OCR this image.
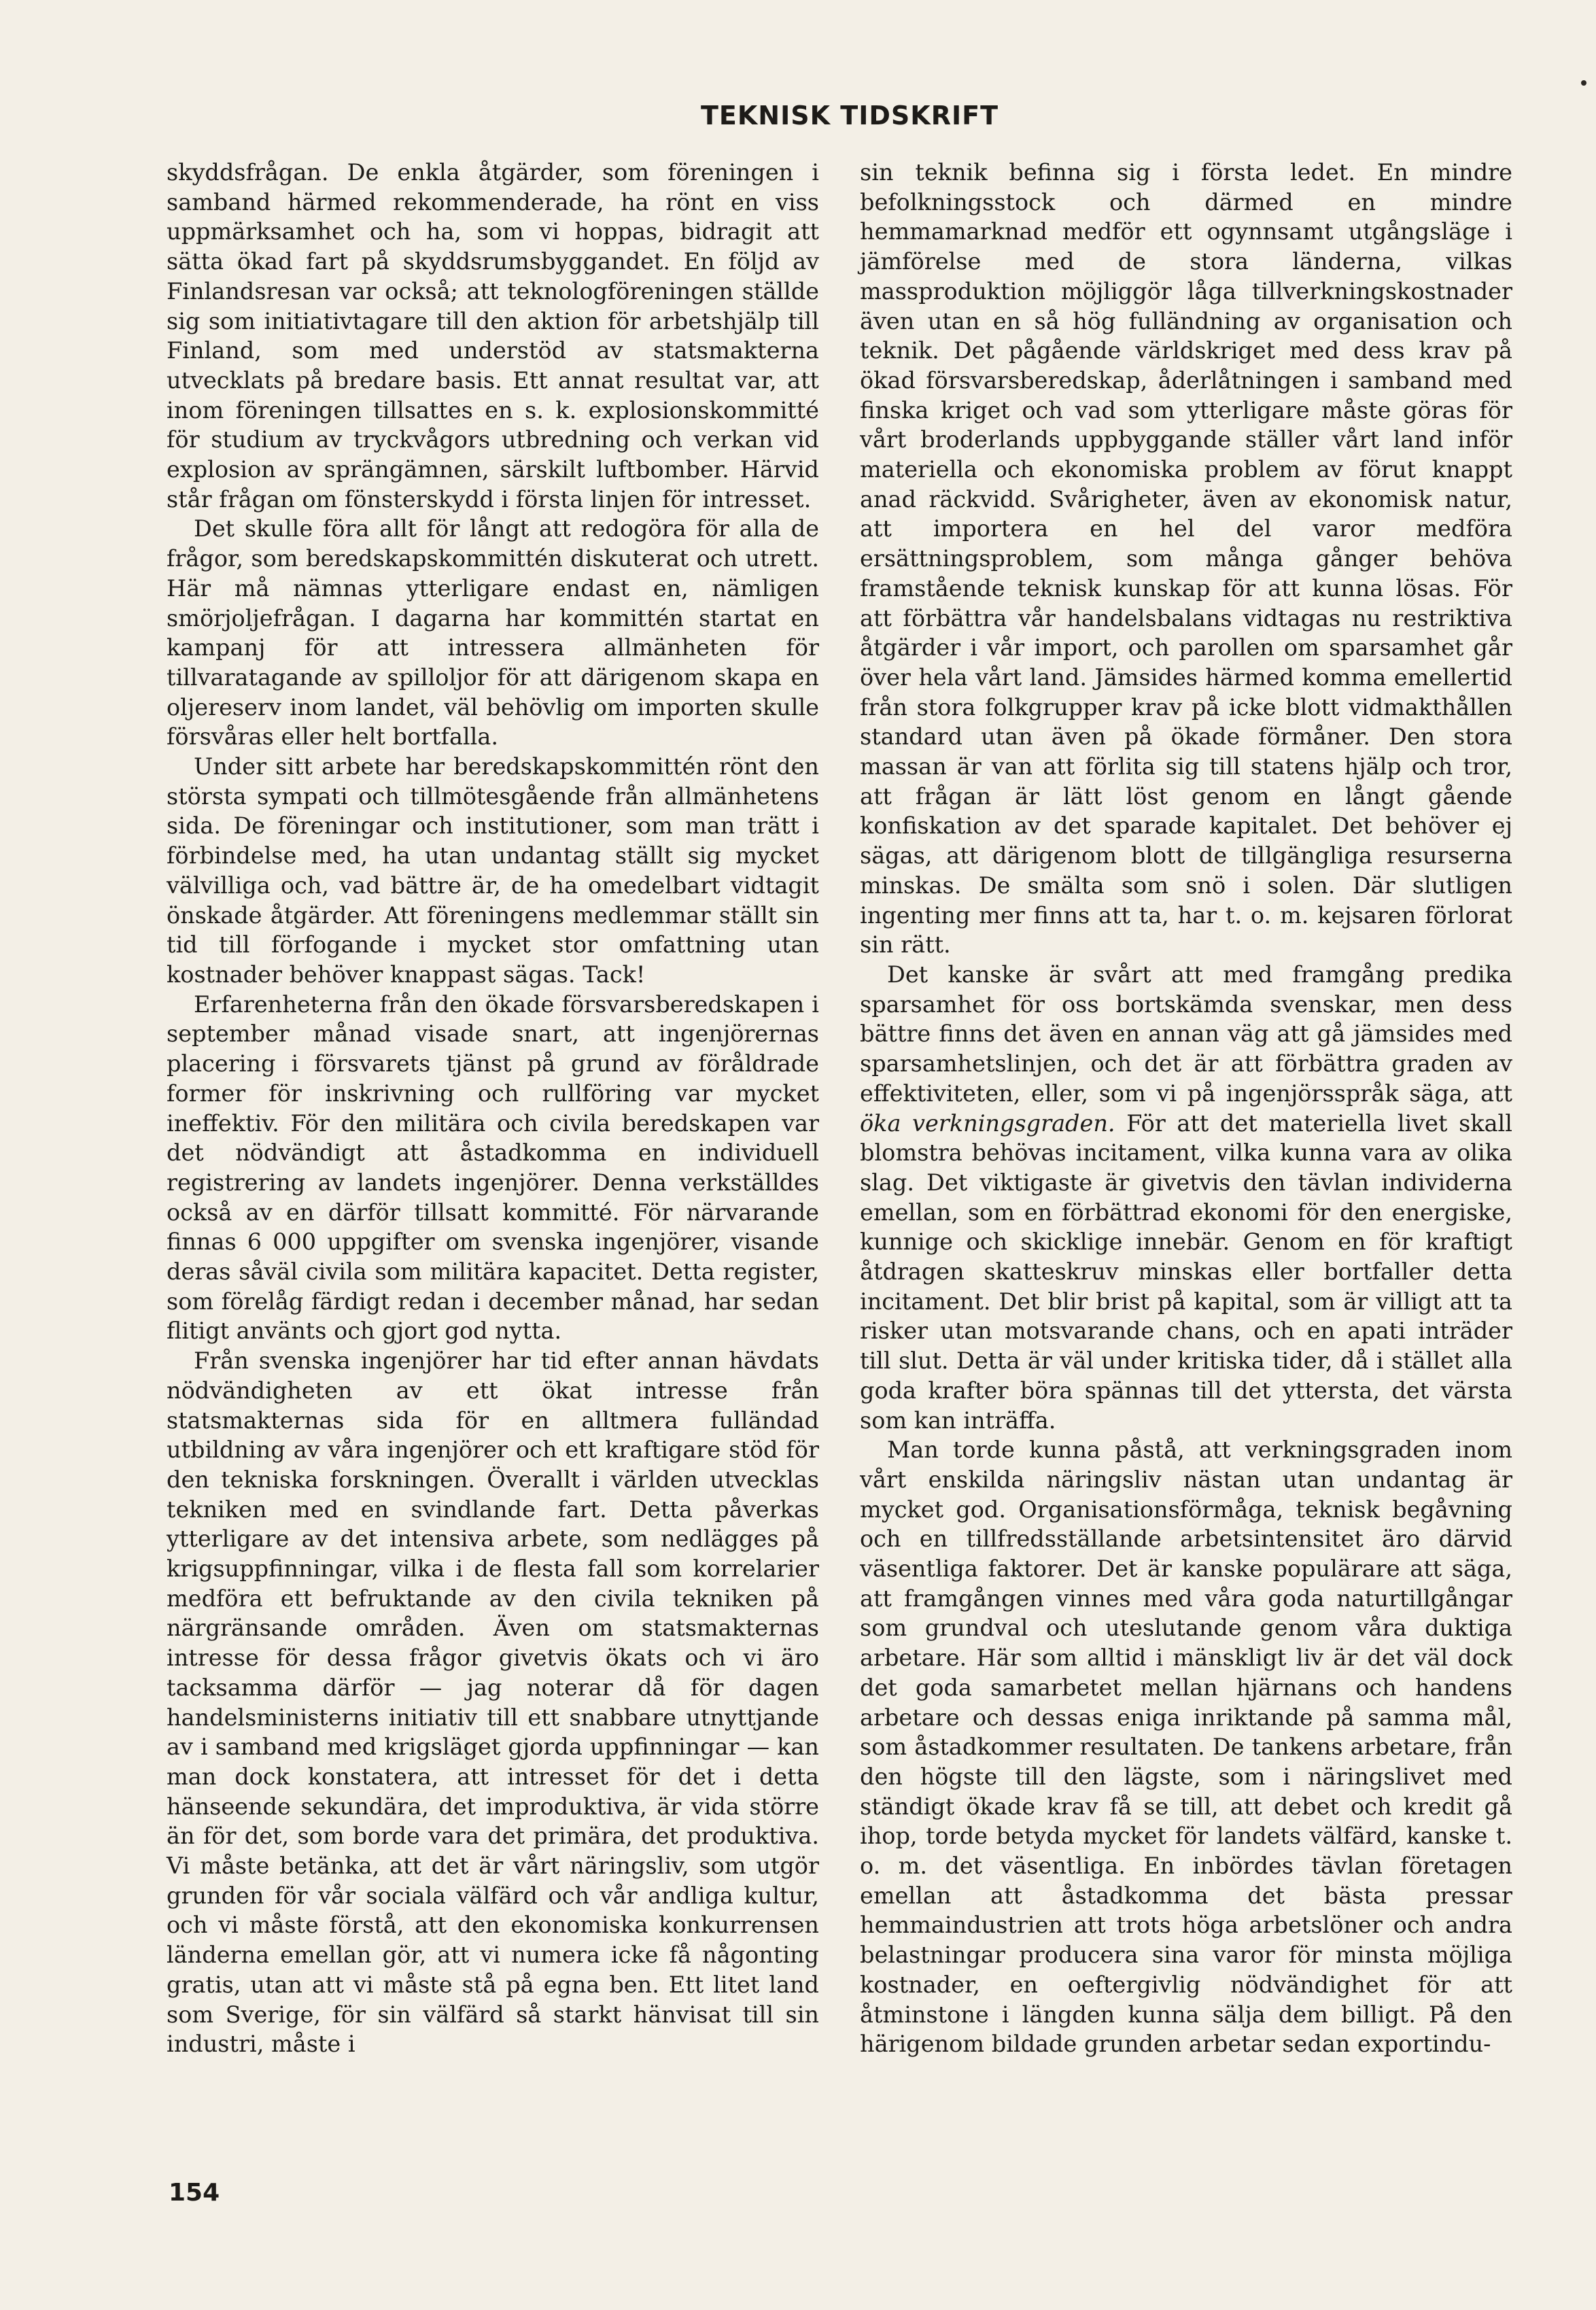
TEKNISK TIDSKRIFT

skyddsfrågan. De enkla åtgärder, som föreningen i samband härmed rekommenderade, ha rönt en viss uppmärksamhet och ha, som vi hoppas, bidragit att sätta ökad fart på skyddsrumsbyggandet. En följd av Finlandsresan var också; att teknologföreningen ställde sig som initiativtagare till den aktion för arbetshjälp till Finland, som med understöd av statsmakterna utvecklats på bredare basis. Ett annat resultat var, att inom föreningen tillsattes en s. k. explosionskommitté för studium av tryckvågors utbredning och verkan vid explosion av sprängämnen, särskilt luftbomber. Härvid står frågan om fönsterskydd i första linjen för intresset.

Det skulle föra allt för långt att redogöra för alla de frågor, som beredskapskommittén diskuterat och utrett. Här må nämnas ytterligare endast en, nämligen smörjoljefrågan. I dagarna har kommittén startat en kampanj för att intressera allmänheten för tillvaratagande av spilloljor för att därigenom skapa en oljereserv inom landet, väl behövlig om importen skulle försvåras eller helt bortfalla.

Under sitt arbete har beredskapskommittén rönt den största sympati och tillmötesgående från allmänhetens sida. De föreningar och institutioner, som man trätt i förbindelse med, ha utan undantag ställt sig mycket välvilliga och, vad bättre är, de ha omedelbart vidtagit önskade åtgärder. Att föreningens medlemmar ställt sin tid till förfogande i mycket stor omfattning utan kostnader behöver knappast sägas. Tack!

Erfarenheterna från den ökade försvarsberedskapen i september månad visade snart, att ingenjörernas placering i försvarets tjänst på grund av föråldrade former för inskrivning och rullföring var mycket ineffektiv. För den militära och civila beredskapen var det nödvändigt att åstadkomma en individuell registrering av landets ingenjörer. Denna verkställdes också av en därför tillsatt kommitté. För närvarande finnas 6 000 uppgifter om svenska ingenjörer, visande deras såväl civila som militära kapacitet. Detta register, som förelåg färdigt redan i december månad, har sedan flitigt använts och gjort god nytta.

Från svenska ingenjörer har tid efter annan hävdats nödvändigheten av ett ökat intresse från statsmakternas sida för en alltmera fulländad utbildning av våra ingenjörer och ett kraftigare stöd för den tekniska forskningen. Överallt i världen utvecklas tekniken med en svindlande fart. Detta påverkas ytterligare av det intensiva arbete, som nedlägges på krigsuppfinningar, vilka i de flesta fall som korrelarier medföra ett befruktande av den civila tekniken på närgränsande områden. Även om statsmakternas intresse för dessa frågor givetvis ökats och vi äro tacksamma därför — jag noterar då för dagen handelsministerns initiativ till ett snabbare utnyttjande av i samband med krigsläget gjorda uppfinningar — kan man dock konstatera, att intresset för det i detta hänseende sekundära, det improduktiva, är vida större än för det, som borde vara det primära, det produktiva. Vi måste betänka, att det är vårt näringsliv, som utgör grunden för vår sociala välfärd och vår andliga kultur, och vi måste förstå, att den ekonomiska konkurrensen länderna emellan gör, att vi numera icke få någonting gratis, utan att vi måste stå på egna ben. Ett litet land som Sverige, för sin välfärd så starkt hänvisat till sin industri, måste i

sin teknik befinna sig i första ledet. En mindre befolkningsstock och därmed en mindre hemmamarknad medför ett ogynnsamt utgångsläge i jämförelse med de stora länderna, vilkas massproduktion möjliggör låga tillverkningskostnader även utan en så hög fulländning av organisation och teknik. Det pågående världskriget med dess krav på ökad försvarsberedskap, åderlåtningen i samband med finska kriget och vad som ytterligare måste göras för vårt broderlands uppbyggande ställer vårt land inför materiella och ekonomiska problem av förut knappt anad räckvidd. Svårigheter, även av ekonomisk natur, att importera en hel del varor medföra ersättningsproblem, som många gånger behöva framstående teknisk kunskap för att kunna lösas. För att förbättra vår handelsbalans vidtagas nu restriktiva åtgärder i vår import, och parollen om sparsamhet går över hela vårt land. Jämsides härmed komma emellertid från stora folkgrupper krav på icke blott vidmakthållen standard utan även på ökade förmåner. Den stora massan är van att förlita sig till statens hjälp och tror, att frågan är lätt löst genom en långt gående konfiskation av det sparade kapitalet. Det behöver ej sägas, att därigenom blott de tillgängliga resurserna minskas. De smälta som snö i solen. Där slutligen ingenting mer finns att ta, har t. o. m. kejsaren förlorat sin rätt.

Det kanske är svårt att med framgång predika sparsamhet för oss bortskämda svenskar, men dess bättre finns det även en annan väg att gå jämsides med sparsamhetslinjen, och det är att förbättra graden av effektiviteten, eller, som vi på ingenjörsspråk säga, att öka verkningsgraden. För att det materiella livet skall blomstra behövas incitament, vilka kunna vara av olika slag. Det viktigaste är givetvis den tävlan individerna emellan, som en förbättrad ekonomi för den energiske, kunnige och skicklige innebär. Genom en för kraftigt åtdragen skatteskruv minskas eller bortfaller detta incitament. Det blir brist på kapital, som är villigt att ta risker utan motsvarande chans, och en apati inträder till slut. Detta är väl under kritiska tider, då i stället alla goda krafter böra spännas till det yttersta, det värsta som kan inträffa.

Man torde kunna påstå, att verkningsgraden inom vårt enskilda näringsliv nästan utan undantag är mycket god. Organisationsförmåga, teknisk begåvning och en tillfredsställande arbetsintensitet äro därvid väsentliga faktorer. Det är kanske populärare att säga, att framgången vinnes med våra goda naturtillgångar som grundval och uteslutande genom våra duktiga arbetare. Här som alltid i mänskligt liv är det väl dock det goda samarbetet mellan hjärnans och handens arbetare och dessas eniga inriktande på samma mål, som åstadkommer resultaten. De tankens arbetare, från den högste till den lägste, som i näringslivet med ständigt ökade krav få se till, att debet och kredit gå ihop, torde betyda mycket för landets välfärd, kanske t. o. m. det väsentliga. En inbördes tävlan företagen emellan att åstadkomma det bästa pressar hemmaindustrien att trots höga arbetslöner och andra belastningar producera sina varor för minsta möjliga kostnader, en oeftergivlig nödvändighet för att åtminstone i längden kunna sälja dem billigt. På den härigenom bildade grunden arbetar sedan exportindu-

154
